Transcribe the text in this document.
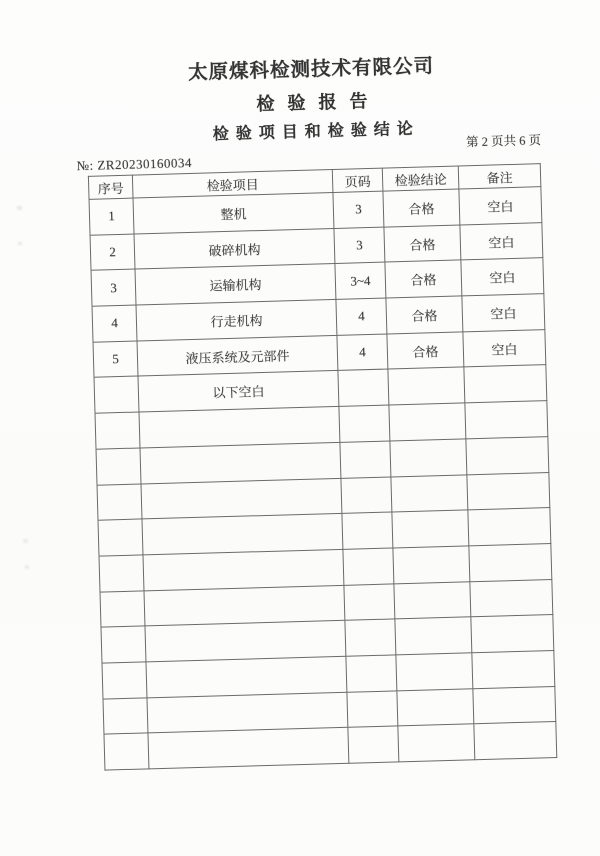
太原煤科检测技术有限公司
检验报告
检验项目和检验结论	第 2 页共 6 页
№: ZR20230160034
序号	检验项目	页码	检验结论	备注
1	整机	3	合格	空白
2	破碎机构	3	合格	空白
3	运输机构	3~4	合格	空白
4	行走机构	4	合格	空白
5	液压系统及元部件	4	合格	空白
	以下空白			
